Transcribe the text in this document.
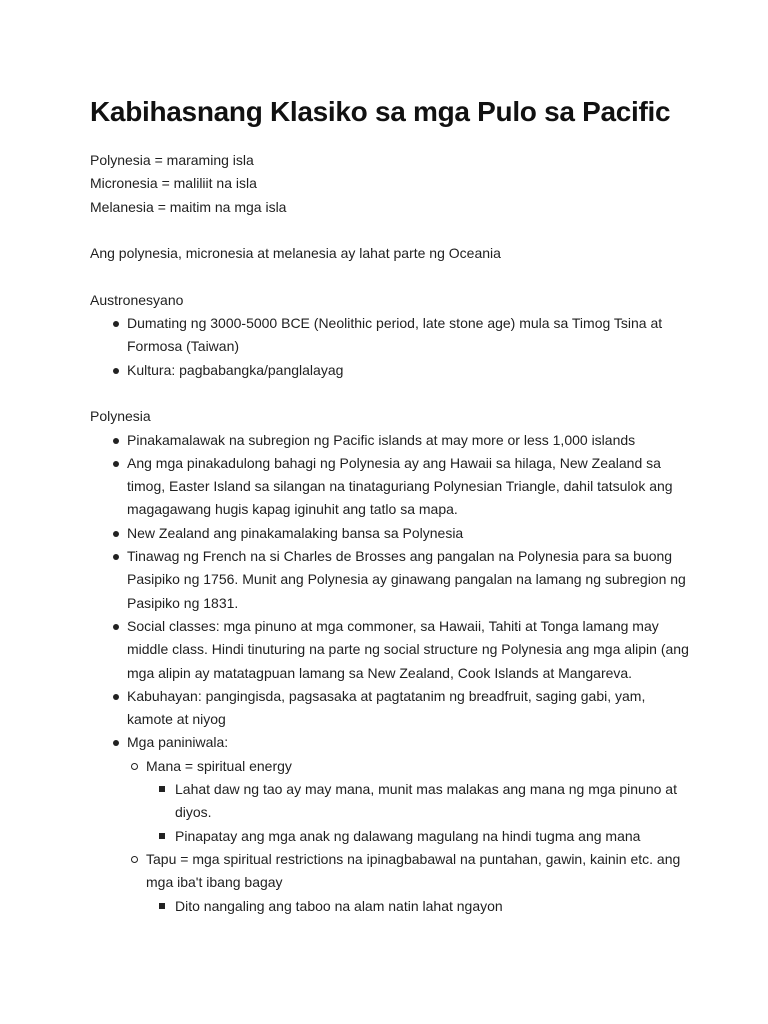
Kabihasnang Klasiko sa mga Pulo sa Pacific

Polynesia = maraming isla

Micronesia = maliliit na isla

Melanesia = maitim na mga isla

Ang polynesia, micronesia at melanesia ay lahat parte ng Oceania

Austronesyano

Dumating ng 3000-5000 BCE (Neolithic period, late stone age) mula sa Timog Tsina at Formosa (Taiwan)
Kultura: pagbabangka/panglalayag

Polynesia

Pinakamalawak na subregion ng Pacific islands at may more or less 1,000 islands
Ang mga pinakadulong bahagi ng Polynesia ay ang Hawaii sa hilaga, New Zealand sa timog, Easter Island sa silangan na tinataguriang Polynesian Triangle, dahil tatsulok ang magagawang hugis kapag iginuhit ang tatlo sa mapa.
New Zealand ang pinakamalaking bansa sa Polynesia
Tinawag ng French na si Charles de Brosses ang pangalan na Polynesia para sa buong Pasipiko ng 1756. Munit ang Polynesia ay ginawang pangalan na lamang ng subregion ng Pasipiko ng 1831.
Social classes: mga pinuno at mga commoner, sa Hawaii, Tahiti at Tonga lamang may middle class. Hindi tinuturing na parte ng social structure ng Polynesia ang mga alipin (ang mga alipin ay matatagpuan lamang sa New Zealand, Cook Islands at Mangareva.
Kabuhayan: pangingisda, pagsasaka at pagtatanim ng breadfruit, saging gabi, yam, kamote at niyog
Mga paniniwala:
Mana = spiritual energy
Lahat daw ng tao ay may mana, munit mas malakas ang mana ng mga pinuno at diyos.
Pinapatay ang mga anak ng dalawang magulang na hindi tugma ang mana
Tapu = mga spiritual restrictions na ipinagbabawal na puntahan, gawin, kainin etc. ang mga iba't ibang bagay
Dito nangaling ang taboo na alam natin lahat ngayon
